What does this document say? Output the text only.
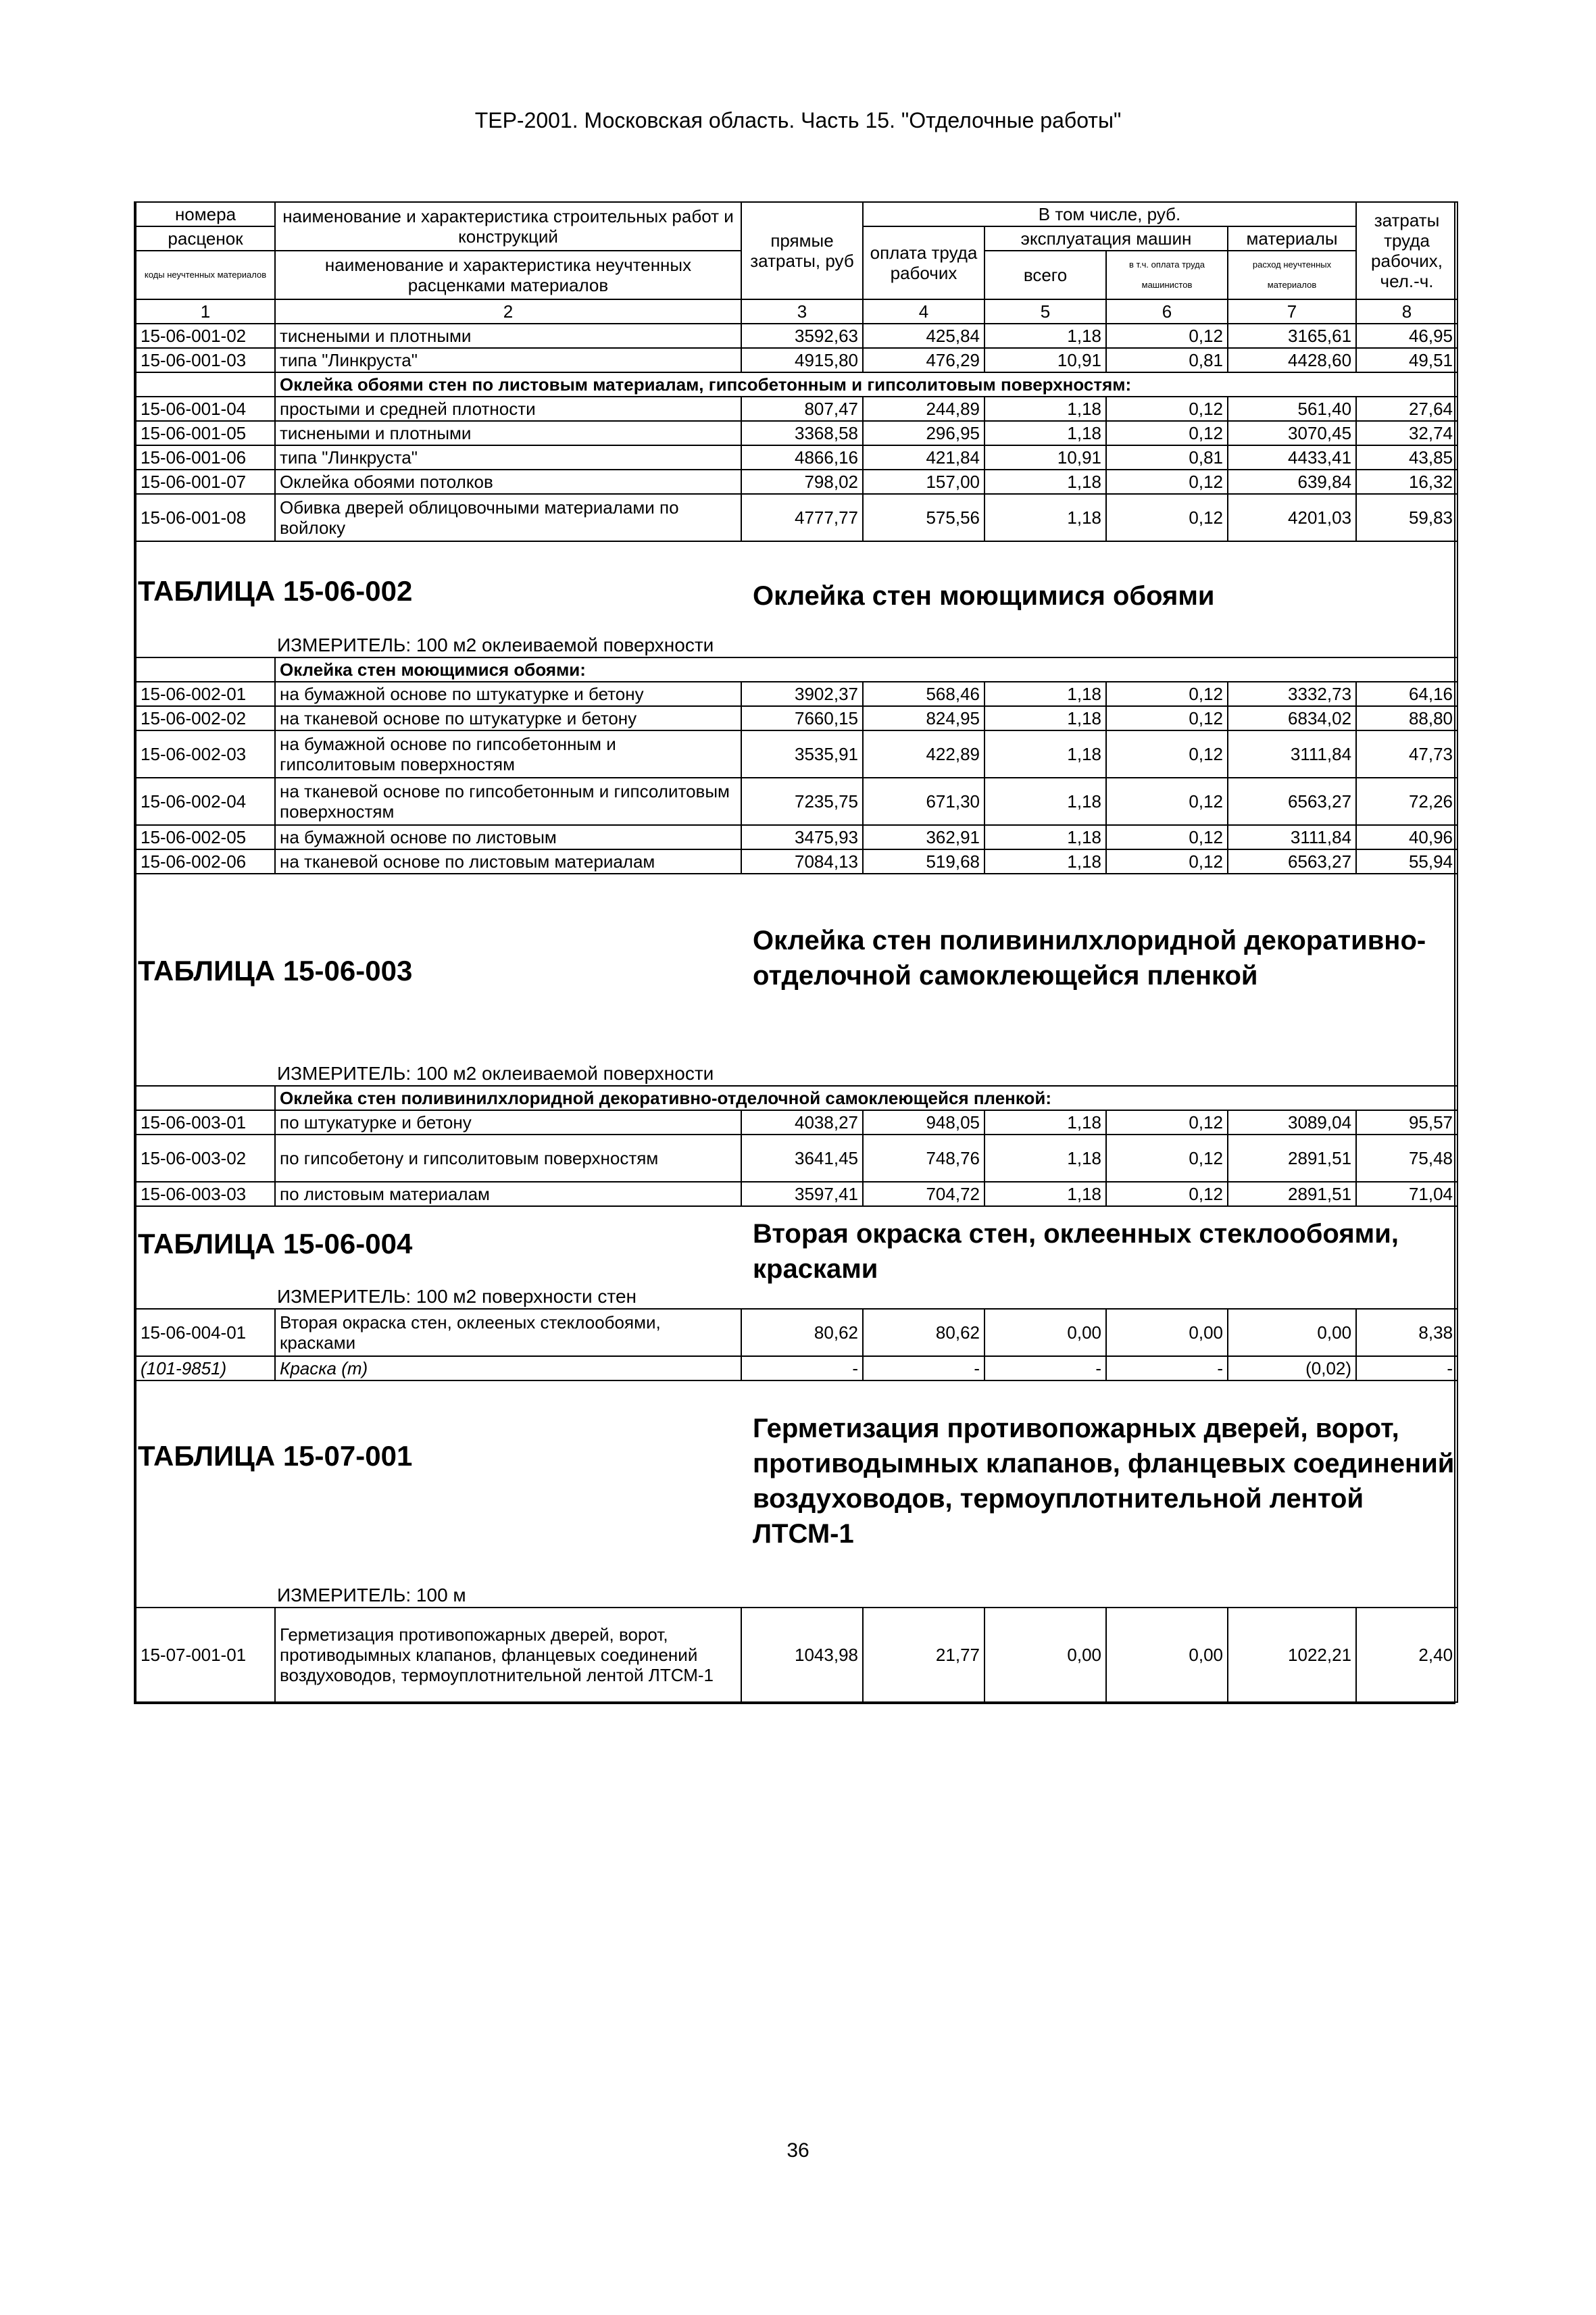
ТЕР-2001. Московская область. Часть 15. "Отделочные работы"
номера	наименование и характеристика строительных работ и конструкций	прямые затраты, руб	В том числе, руб.				затраты труда рабочих, чел.-ч.
расценок			оплата труда рабочих	эксплуатация машин		материалы	
коды неучтенных материалов	наименование и характеристика неучтенных расценками материалов			всего	в т.ч. оплата труда машинистов	расход неучтенных материалов	

1	2	3	4	5	6	7	8
15-06-001-02	тиснеными и плотными	3592,63	425,84	1,18	0,12	3165,61	46,95
15-06-001-03	типа "Линкруста"	4915,80	476,29	10,91	0,81	4428,60	49,51
	Оклейка обоями стен по листовым материалам, гипсобетонным и гипсолитовым поверхностям:						
15-06-001-04	простыми и средней плотности	807,47	244,89	1,18	0,12	561,40	27,64
15-06-001-05	тиснеными и плотными	3368,58	296,95	1,18	0,12	3070,45	32,74
15-06-001-06	типа "Линкруста"	4866,16	421,84	10,91	0,81	4433,41	43,85
15-06-001-07	Оклейка обоями потолков	798,02	157,00	1,18	0,12	639,84	16,32
15-06-001-08	Обивка дверей облицовочными материалами по войлоку	4777,77	575,56	1,18	0,12	4201,03	59,83

ТАБЛИЦА 15-06-002 Оклейка стен моющимися обоями
ИЗМЕРИТЕЛЬ: 100 м2 оклеиваемой поверхности							

	Оклейка стен моющимися обоями:						
15-06-002-01	на бумажной основе по штукатурке и бетону	3902,37	568,46	1,18	0,12	3332,73	64,16
15-06-002-02	на тканевой основе по штукатурке и бетону	7660,15	824,95	1,18	0,12	6834,02	88,80
15-06-002-03	на бумажной основе по гипсобетонным и гипсолитовым поверхностям	3535,91	422,89	1,18	0,12	3111,84	47,73
15-06-002-04	на тканевой основе по гипсобетонным и гипсолитовым поверхностям	7235,75	671,30	1,18	0,12	6563,27	72,26
15-06-002-05	на бумажной основе по листовым	3475,93	362,91	1,18	0,12	3111,84	40,96
15-06-002-06	на тканевой основе по листовым материалам	7084,13	519,68	1,18	0,12	6563,27	55,94

ТАБЛИЦА 15-06-003
Оклейка стен поливинилхлоридной декоративно-отделочной самоклеющейся пленкой
ИЗМЕРИТЕЛЬ: 100 м2 оклеиваемой поверхности							

	Оклейка стен поливинилхлоридной декоративно-отделочной самоклеющейся пленкой:						
15-06-003-01	по штукатурке и бетону	4038,27	948,05	1,18	0,12	3089,04	95,57
15-06-003-02	по гипсобетону и гипсолитовым поверхностям	3641,45	748,76	1,18	0,12	2891,51	75,48
15-06-003-03	по листовым материалам	3597,41	704,72	1,18	0,12	2891,51	71,04

ТАБЛИЦА 15-06-004 Вторая окраска стен, оклеенных стеклообоями, красками
ИЗМЕРИТЕЛЬ: 100 м2 поверхности стен							

15-06-004-01	Вторая окраска стен, оклееных стеклообоями, красками	80,62	80,62	0,00	0,00	0,00	8,38
(101-9851)	Краска (т)	-	-	-	-	(0,02)	-

ТАБЛИЦА 15-07-001
Герметизация противопожарных дверей, ворот, противодымных клапанов, фланцевых соединений воздуховодов, термоуплотнительной лентой ЛТСМ-1
ИЗМЕРИТЕЛЬ: 100 м							

15-07-001-01	Герметизация противопожарных дверей, ворот, противодымных клапанов, фланцевых соединений воздуховодов, термоуплотнительной лентой ЛТСМ-1	1043,98	21,77	0,00	0,00	1022,21	2,40
36
